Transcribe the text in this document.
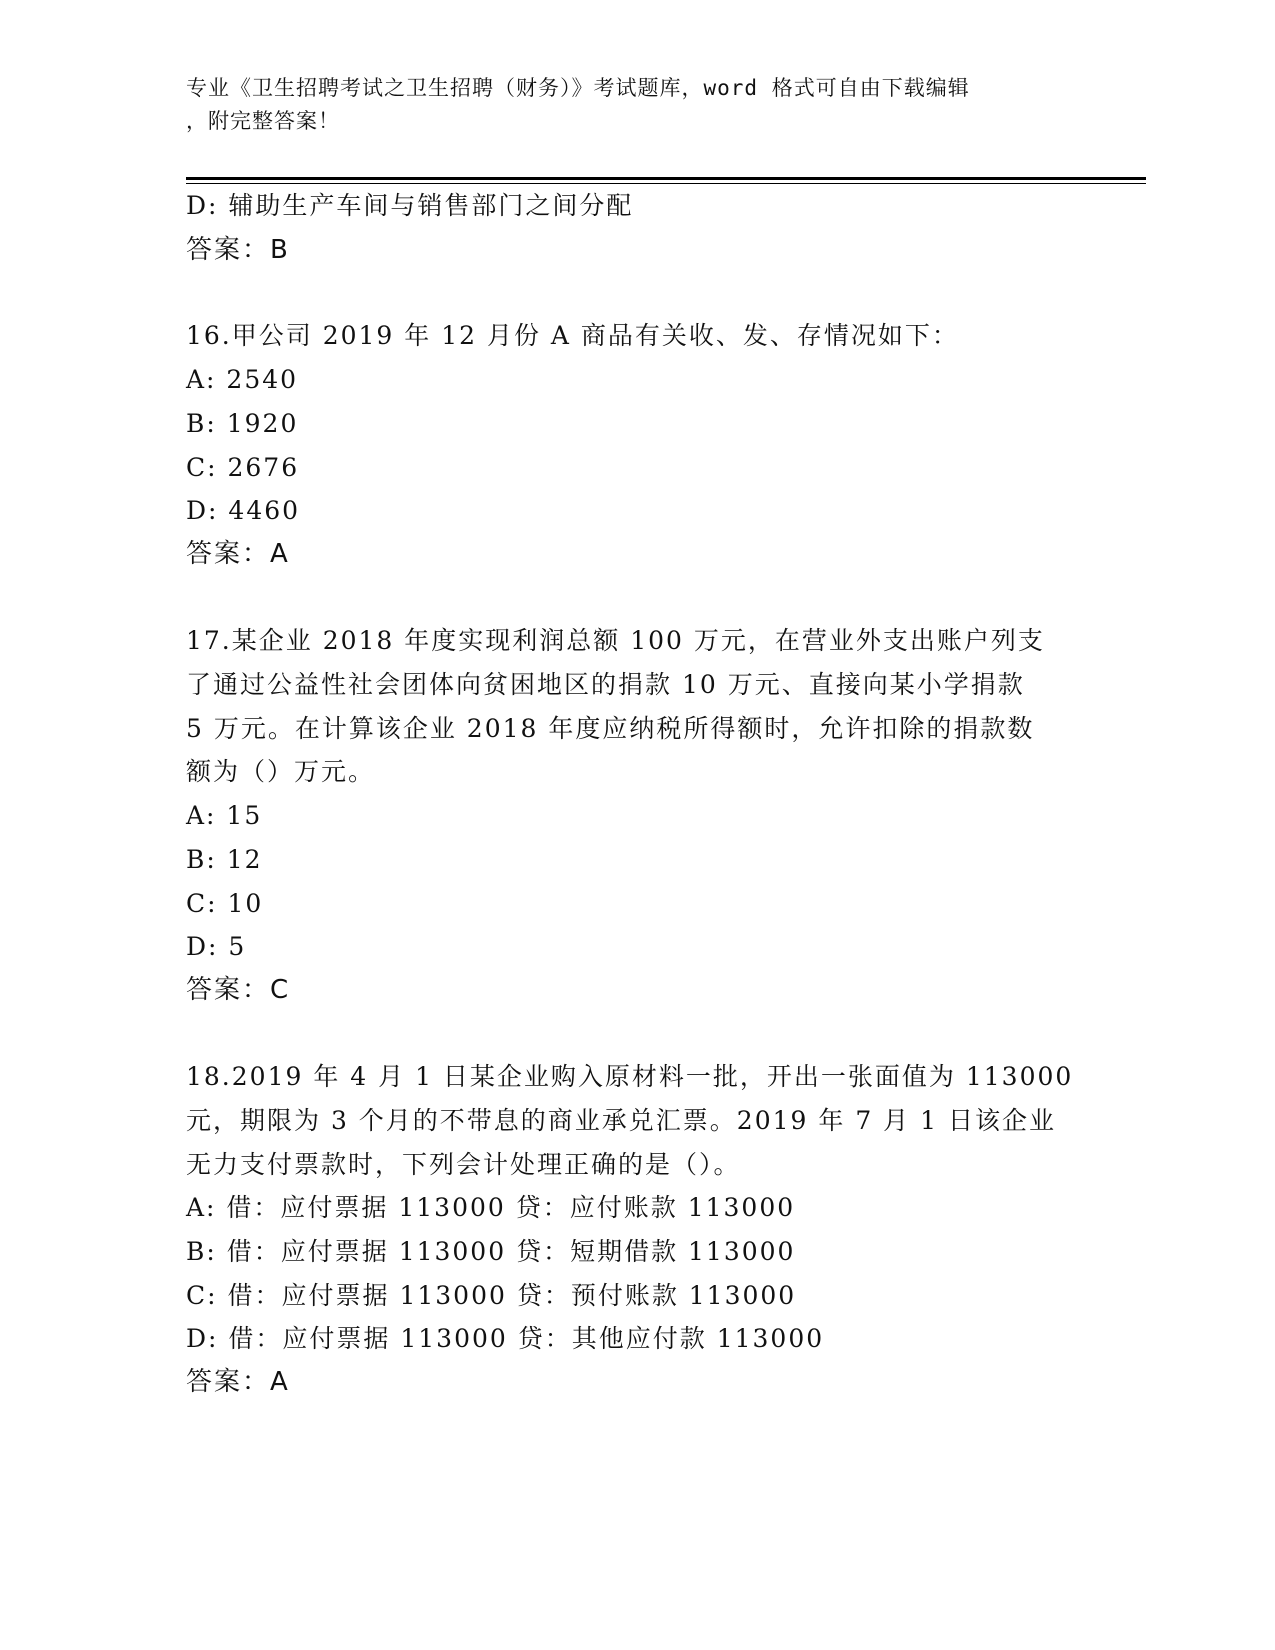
专业《卫生招聘考试之卫生招聘（财务）》考试题库，word 格式可自由下载编辑
，附完整答案！
D: 辅助生产车间与销售部门之间分配
答案：B
16.甲公司 2019 年 12 月份 A 商品有关收、发、存情况如下：
A: 2540
B: 1920
C: 2676
D: 4460
答案：A
17.某企业 2018 年度实现利润总额 100 万元，在营业外支出账户列支
了通过公益性社会团体向贫困地区的捐款 10 万元、直接向某小学捐款
5 万元。在计算该企业 2018 年度应纳税所得额时，允许扣除的捐款数
额为（）万元。
A: 15
B: 12
C: 10
D: 5
答案：C
18.2019 年 4 月 1 日某企业购入原材料一批，开出一张面值为 113000
元，期限为 3 个月的不带息的商业承兑汇票。2019 年 7 月 1 日该企业
无力支付票款时，下列会计处理正确的是（）。
A: 借：应付票据 113000 贷：应付账款 113000
B: 借：应付票据 113000 贷：短期借款 113000
C: 借：应付票据 113000 贷：预付账款 113000
D: 借：应付票据 113000 贷：其他应付款 113000
答案：A
